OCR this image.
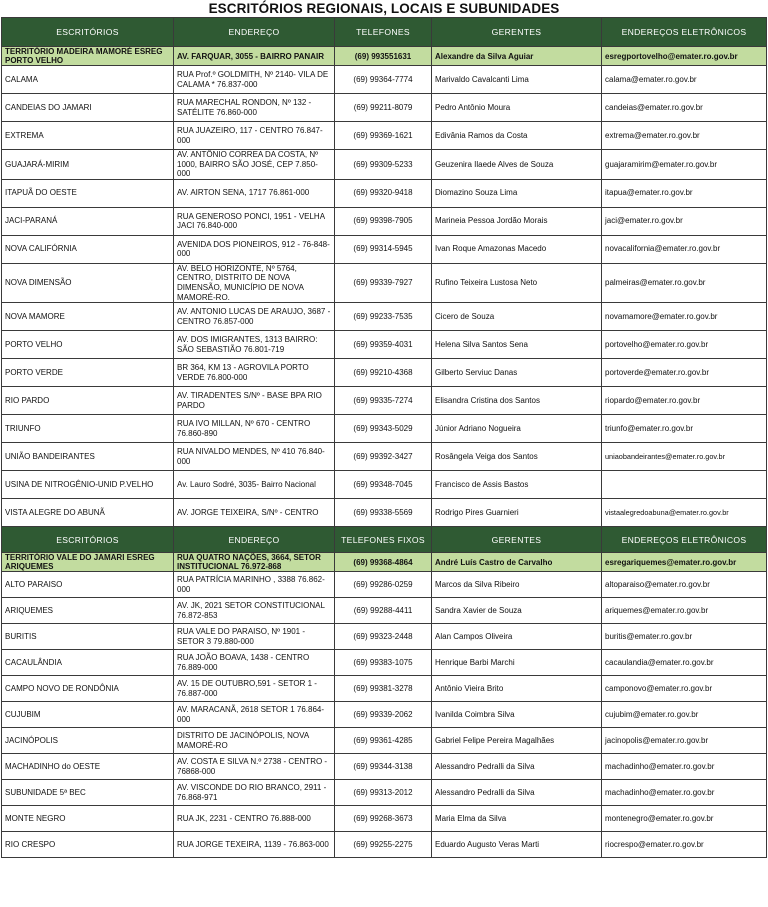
ESCRITÓRIOS REGIONAIS, LOCAIS E SUBUNIDADES
ESCRITÓRIOS	ENDEREÇO	TELEFONES	GERENTES	ENDEREÇOS ELETRÔNICOS
TERRITÓRIO MADEIRA MAMORÉ ESREG PORTO VELHO	AV. FARQUAR, 3055 - BAIRRO PANAIR	(69) 993551631	Alexandre da Silva Aguiar	esregportovelho@emater.ro.gov.br
CALAMA	RUA Prof.º GOLDMITH, Nº 2140- VILA DE CALAMA * 76.837-000	(69) 99364-7774	Marivaldo Cavalcanti Lima	calama@emater.ro.gov.br
CANDEIAS DO JAMARI	RUA MARECHAL RONDON, Nº 132 - SATÉLITE 76.860-000	(69) 99211-8079	Pedro Antônio Moura	candeias@emater.ro.gov.br
EXTREMA	RUA JUAZEIRO, 117 - CENTRO 76.847-000	(69) 99369-1621	Edivânia Ramos da Costa	extrema@emater.ro.gov.br
GUAJARÁ-MIRIM	AV. ANTÔNIO CORREA DA COSTA, Nº 1000, BAIRRO SÃO JOSÉ, CEP 7.850-000	(69) 99309-5233	Geuzenira Ilaede Alves de Souza	guajaramirim@emater.ro.gov.br
ITAPUÃ DO OESTE	AV. AIRTON SENA, 1717 76.861-000	(69) 99320-9418	Diomazino Souza Lima	itapua@emater.ro.gov.br
JACI-PARANÁ	RUA GENEROSO PONCI, 1951 - VELHA JACI 76.840-000	(69) 99398-7905	Marineia Pessoa Jordão Morais	jaci@emater.ro.gov.br
NOVA CALIFÓRNIA	AVENIDA DOS PIONEIROS, 912 - 76-848-000	(69) 99314-5945	Ivan Roque Amazonas Macedo	novacalifornia@emater.ro.gov.br
NOVA DIMENSÃO	AV. BELO HORIZONTE, Nº 5764, CENTRO, DISTRITO DE NOVA DIMENSÃO, MUNICÍPIO DE NOVA MAMORÉ-RO.	(69) 99339-7927	Rufino Teixeira Lustosa Neto	palmeiras@emater.ro.gov.br
NOVA MAMORE	AV. ANTONIO LUCAS DE ARAUJO, 3687 - CENTRO 76.857-000	(69) 99233-7535	Cicero de Souza	novamamore@emater.ro.gov.br
PORTO VELHO	AV. DOS IMIGRANTES, 1313 BAIRRO: SÃO SEBASTIÃO 76.801-719	(69) 99359-4031	Helena Silva Santos Sena	portovelho@emater.ro.gov.br
PORTO VERDE	BR 364, KM 13 - AGROVILA PORTO VERDE 76.800-000	(69) 99210-4368	Gilberto Serviuc Danas	portoverde@emater.ro.gov.br
RIO PARDO	AV. TIRADENTES S/Nº - BASE BPA RIO PARDO	(69) 99335-7274	Elisandra Cristina dos Santos	riopardo@emater.ro.gov.br
TRIUNFO	RUA IVO MILLAN, Nº 670 - CENTRO 76.860-890	(69) 99343-5029	Júnior Adriano Nogueira	triunfo@emater.ro.gov.br
UNIÃO BANDEIRANTES	RUA NIVALDO MENDES, Nº 410 76.840-000	(69) 99392-3427	Rosângela Veiga dos Santos	uniaobandeirantes@emater.ro.gov.br
USINA DE NITROGÊNIO-UNID P.VELHO	Av. Lauro Sodré, 3035- Bairro Nacional	(69) 99348-7045	Francisco de Assis Bastos	
VISTA ALEGRE DO ABUNÃ	AV. JORGE TEIXEIRA, S/Nº - CENTRO	(69) 99338-5569	Rodrigo Pires Guarnieri	vistaalegredoabuna@emater.ro.gov.br
ESCRITÓRIOS	ENDEREÇO	TELEFONES FIXOS	GERENTES	ENDEREÇOS ELETRÔNICOS
TERRITÓRIO VALE DO JAMARI ESREG ARIQUEMES	RUA QUATRO NAÇÕES, 3664, SETOR INSTITUCIONAL 76.972-868	(69) 99368-4864	André Luís Castro de Carvalho	esregariquemes@emater.ro.gov.br
ALTO PARAISO	RUA PATRÍCIA MARINHO , 3388 76.862-000	(69) 99286-0259	Marcos da Silva Ribeiro	altoparaiso@emater.ro.gov.br
ARIQUEMES	AV. JK, 2021 SETOR CONSTITUCIONAL 76.872-853	(69) 99288-4411	Sandra Xavier de Souza	ariquemes@emater.ro.gov.br
BURITIS	RUA VALE DO PARAISO, Nº 1901 - SETOR 3 79.880-000	(69) 99323-2448	Alan Campos Oliveira	buritis@emater.ro.gov.br
CACAULÂNDIA	RUA JOÃO BOAVA, 1438 - CENTRO 76.889-000	(69) 99383-1075	Henrique Barbi Marchi	cacaulandia@emater.ro.gov.br
CAMPO NOVO DE RONDÔNIA	AV. 15 DE OUTUBRO,591 - SETOR 1 - 76.887-000	(69) 99381-3278	Antônio Vieira Brito	camponovo@emater.ro.gov.br
CUJUBIM	AV. MARACANÃ, 2618 SETOR 1 76.864-000	(69) 99339-2062	Ivanilda Coimbra Silva	cujubim@emater.ro.gov.br
JACINÓPOLIS	DISTRITO DE JACINÓPOLIS, NOVA MAMORÉ-RO	(69) 99361-4285	Gabriel Felipe Pereira Magalhães	jacinopolis@emater.ro.gov.br
MACHADINHO do OESTE	AV. COSTA E SILVA N.º 2738 - CENTRO - 76868-000	(69) 99344-3138	Alessandro Pedralli da Silva	machadinho@emater.ro.gov.br
SUBUNIDADE 5ª BEC	AV. VISCONDE DO RIO BRANCO, 2911 - 76.868-971	(69) 99313-2012	Alessandro Pedralli da Silva	machadinho@emater.ro.gov.br
MONTE NEGRO	RUA JK, 2231 - CENTRO 76.888-000	(69) 99268-3673	Maria Elma da Silva	montenegro@emater.ro.gov.br
RIO CRESPO	RUA JORGE TEXEIRA, 1139 - 76.863-000	(69) 99255-2275	Eduardo Augusto Veras Marti	riocrespo@emater.ro.gov.br
